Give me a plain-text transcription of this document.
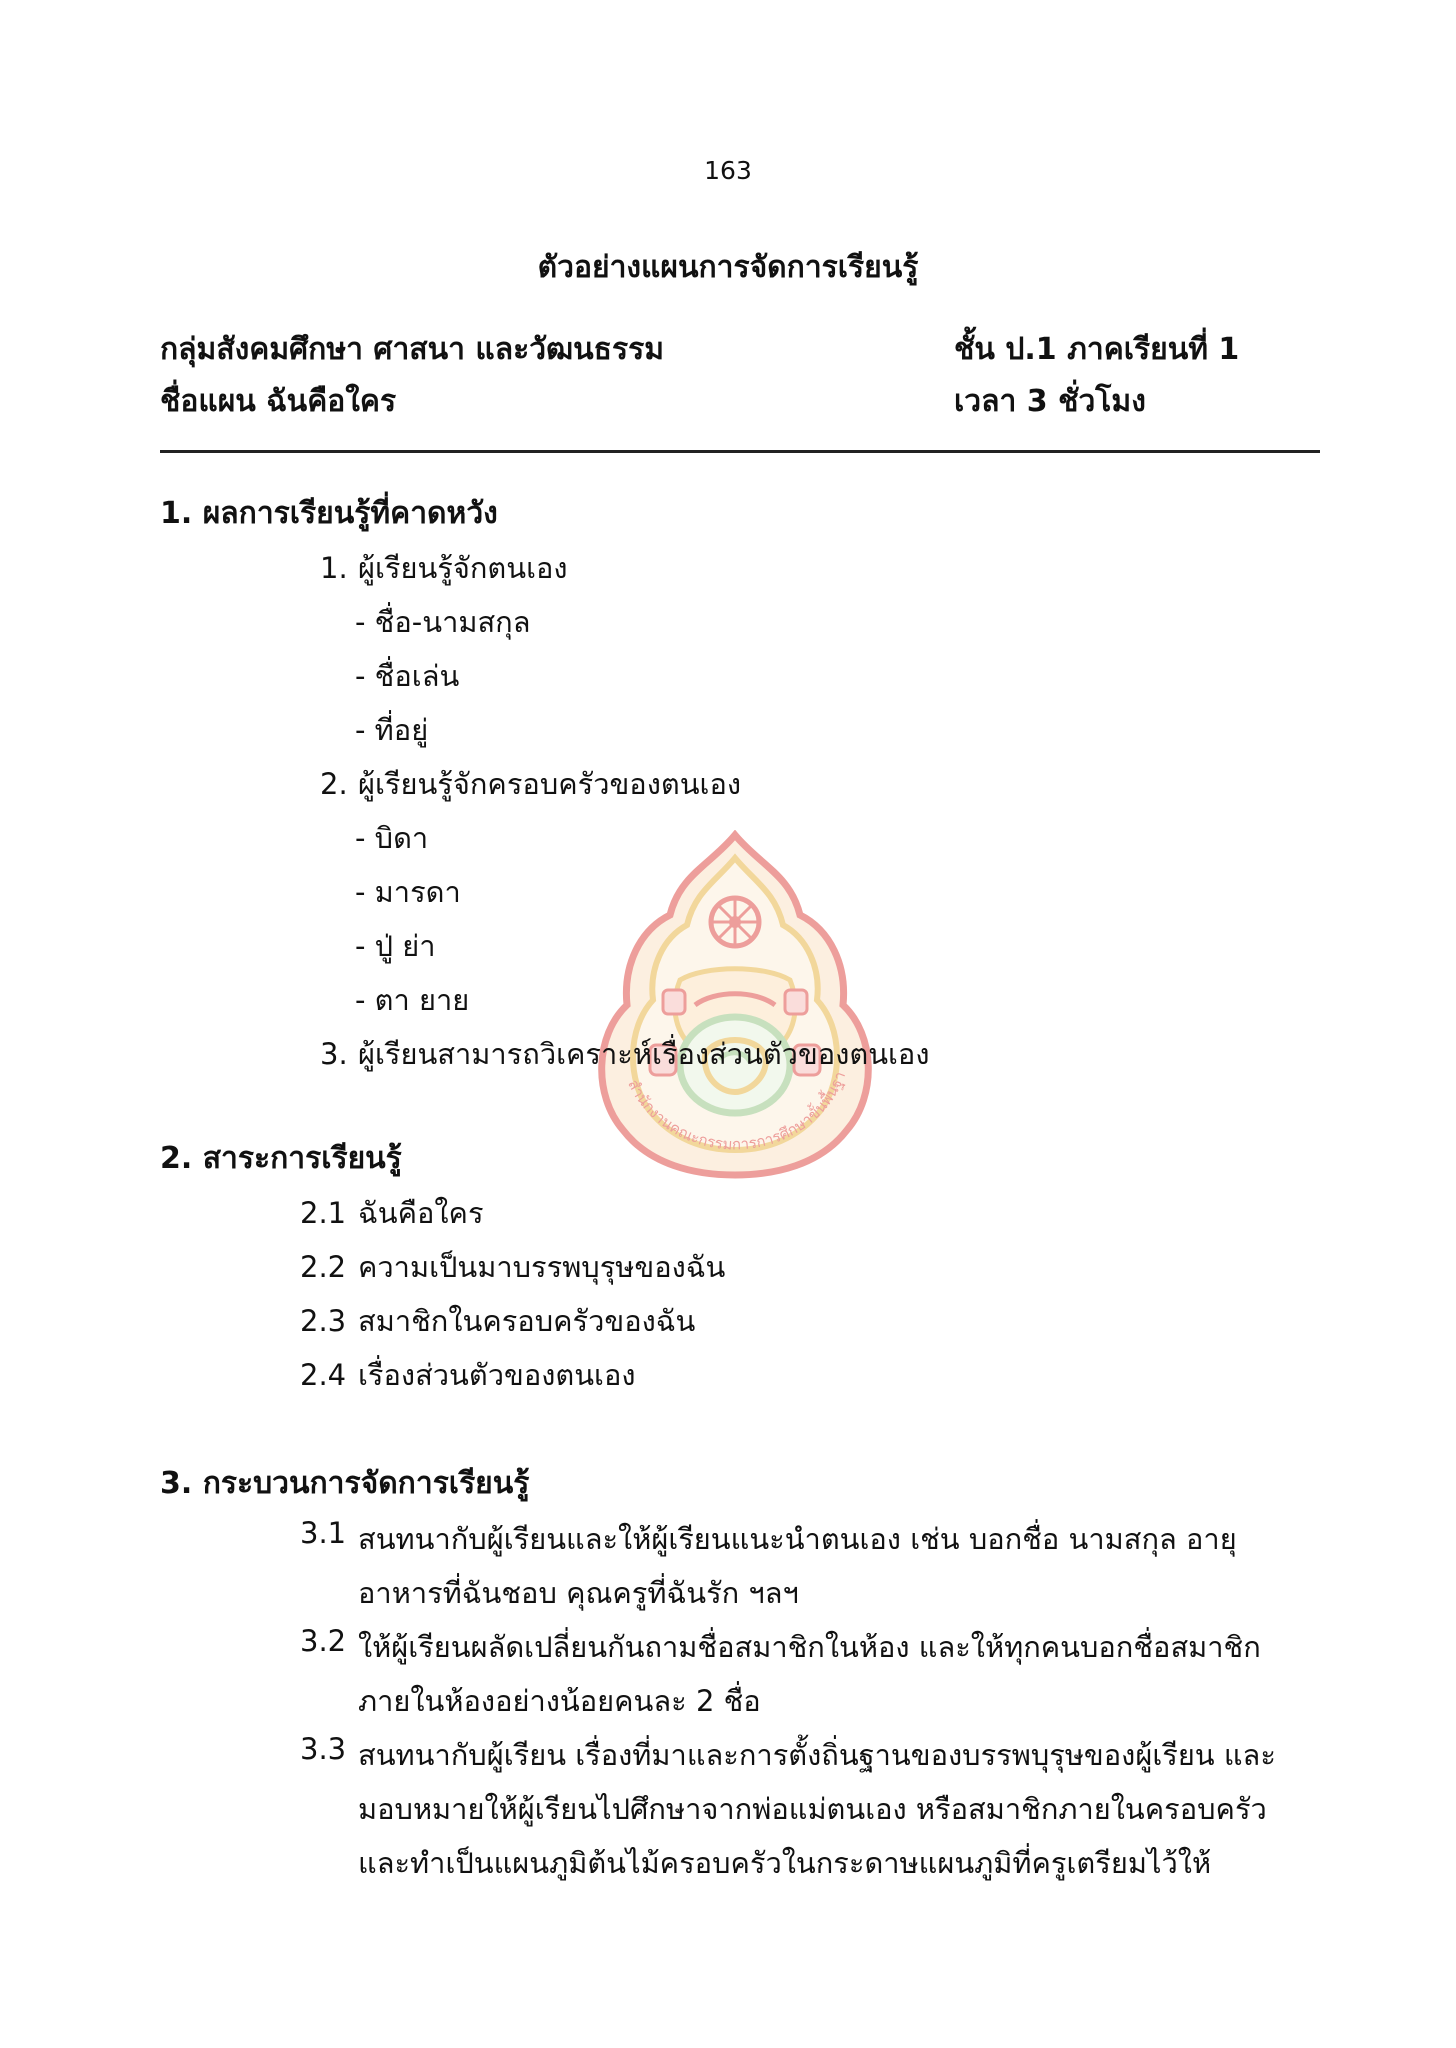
163
ตัวอย่างแผนการจัดการเรียนรู้
กลุ่มสังคมศึกษา ศาสนา และวัฒนธรรม	ชั้น ป.1 ภาคเรียนที่ 1
ชื่อแผน ฉันคือใคร	เวลา 3 ชั่วโมง
สำนักงานคณะกรรมการการศึกษาขั้นพื้นฐา
1. ผลการเรียนรู้ที่คาดหวัง
1. ผู้เรียนรู้จักตนเอง
- ชื่อ-นามสกุล
- ชื่อเล่น
- ที่อยู่
2. ผู้เรียนรู้จักครอบครัวของตนเอง
- บิดา
- มารดา
- ปู่ ย่า
- ตา ยาย
3. ผู้เรียนสามารถวิเคราะห์เรื่องส่วนตัวของตนเอง
2. สาระการเรียนรู้
2.1 ฉันคือใคร
2.2 ความเป็นมาบรรพบุรุษของฉัน
2.3 สมาชิกในครอบครัวของฉัน
2.4 เรื่องส่วนตัวของตนเอง
3. กระบวนการจัดการเรียนรู้
3.1 สนทนากับผู้เรียนและให้ผู้เรียนแนะนำตนเอง เช่น บอกชื่อ นามสกุล อายุ
อาหารที่ฉันชอบ คุณครูที่ฉันรัก ฯลฯ
3.2 ให้ผู้เรียนผลัดเปลี่ยนกันถามชื่อสมาชิกในห้อง และให้ทุกคนบอกชื่อสมาชิก
ภายในห้องอย่างน้อยคนละ 2 ชื่อ
3.3 สนทนากับผู้เรียน เรื่องที่มาและการตั้งถิ่นฐานของบรรพบุรุษของผู้เรียน และ
มอบหมายให้ผู้เรียนไปศึกษาจากพ่อแม่ตนเอง หรือสมาชิกภายในครอบครัว
และทำเป็นแผนภูมิต้นไม้ครอบครัวในกระดาษแผนภูมิที่ครูเตรียมไว้ให้
